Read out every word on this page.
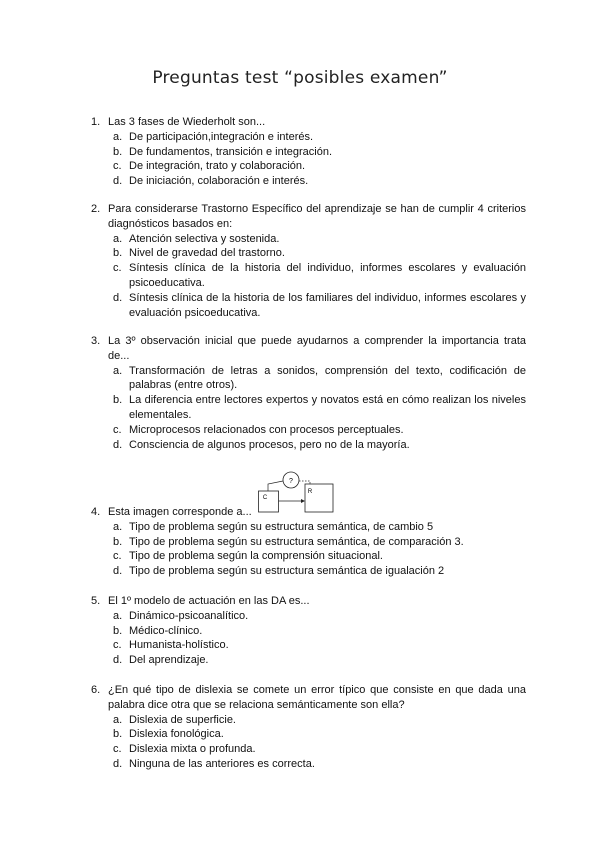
Preguntas test “posibles examen”
1. Las 3 fases de Wiederholt son...
a. De participación,integración e interés.
b. De fundamentos, transición e integración.
c. De integración, trato y colaboración.
d. De iniciación, colaboración e interés.
2. Para considerarse Trastorno Específico del aprendizaje se han de cumplir 4 criterios diagnósticos basados en:
a. Atención selectiva y sostenida.
b. Nivel de gravedad del trastorno.
c. Síntesis clínica de la historia del individuo, informes escolares y evaluación psicoeducativa.
d. Síntesis clínica de la historia de los familiares del individuo, informes escolares y evaluación psicoeducativa.
3. La 3º observación inicial que puede ayudarnos a comprender la importancia trata de...
a. Transformación de letras a sonidos, comprensión del texto, codificación de palabras (entre otros).
b. La diferencia entre lectores expertos y novatos está en cómo realizan los niveles elementales.
c. Microprocesos relacionados con procesos perceptuales.
d. Consciencia de algunos procesos, pero no de la mayoría.
?
C
R
4. Esta imagen corresponde a...
a. Tipo de problema según su estructura semántica, de cambio 5
b. Tipo de problema según su estructura semántica, de comparación 3.
c. Tipo de problema según la comprensión situacional.
d. Tipo de problema según su estructura semántica de igualación 2
5. El 1º modelo de actuación en las DA es...
a. Dinámico-psicoanalítico.
b. Médico-clínico.
c. Humanista-holístico.
d. Del aprendizaje.
6. ¿En qué tipo de dislexia se comete un error típico que consiste en que dada una palabra dice otra que se relaciona semánticamente son ella?
a. Dislexia de superficie.
b. Dislexia fonológica.
c. Dislexia mixta o profunda.
d. Ninguna de las anteriores es correcta.
